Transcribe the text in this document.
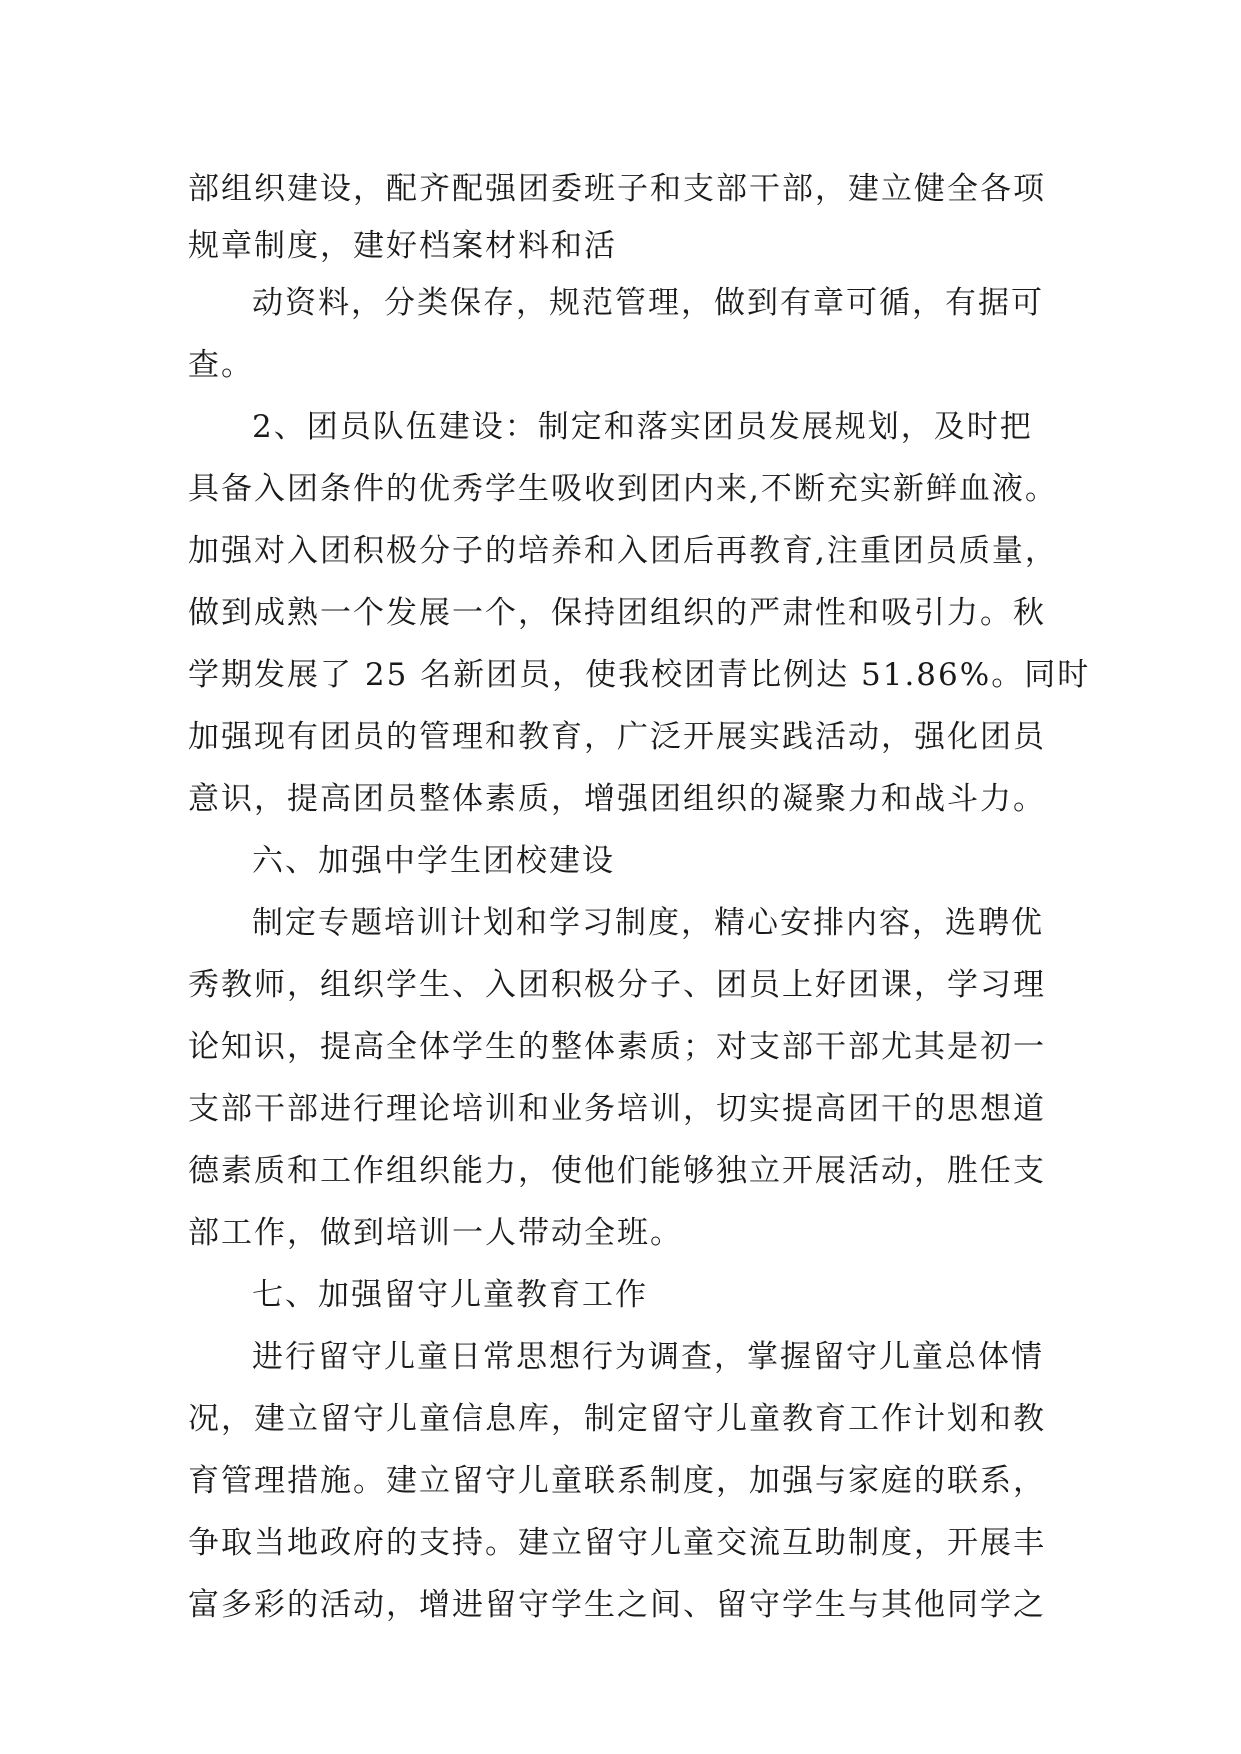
部组织建设，配齐配强团委班子和支部干部，建立健全各项
规章制度，建好档案材料和活
动资料，分类保存，规范管理，做到有章可循，有据可
查。
2、团员队伍建设：制定和落实团员发展规划，及时把
具备入团条件的优秀学生吸收到团内来,不断充实新鲜血液。
加强对入团积极分子的培养和入团后再教育,注重团员质量，
做到成熟一个发展一个，保持团组织的严肃性和吸引力。秋
学期发展了 25 名新团员，使我校团青比例达 51.86%。同时
加强现有团员的管理和教育，广泛开展实践活动，强化团员
意识，提高团员整体素质，增强团组织的凝聚力和战斗力。
六、加强中学生团校建设
制定专题培训计划和学习制度，精心安排内容，选聘优
秀教师，组织学生、入团积极分子、团员上好团课，学习理
论知识，提高全体学生的整体素质；对支部干部尤其是初一
支部干部进行理论培训和业务培训，切实提高团干的思想道
德素质和工作组织能力，使他们能够独立开展活动，胜任支
部工作，做到培训一人带动全班。
七、加强留守儿童教育工作
进行留守儿童日常思想行为调查，掌握留守儿童总体情
况，建立留守儿童信息库，制定留守儿童教育工作计划和教
育管理措施。建立留守儿童联系制度，加强与家庭的联系，
争取当地政府的支持。建立留守儿童交流互助制度，开展丰
富多彩的活动，增进留守学生之间、留守学生与其他同学之
